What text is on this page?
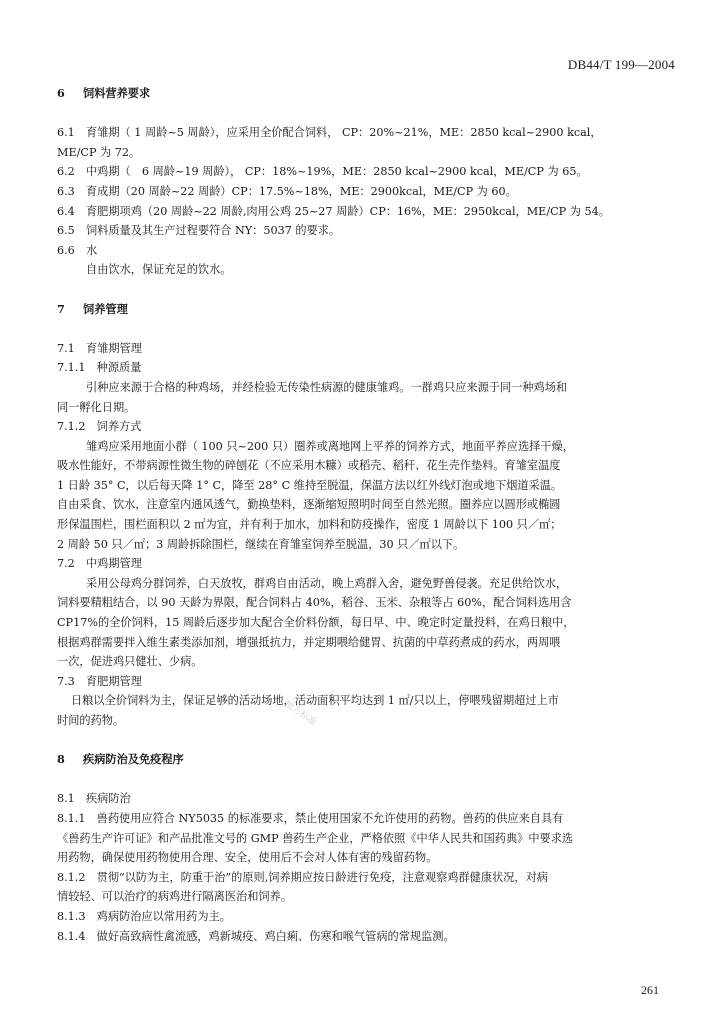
DB44/T 199—2004
6 饲料营养要求
6.1　育雏期（ 1 周龄~5 周龄），应采用全价配合饲料， CP：20%~21%，ME：2850 kcal~2900 kcal，
ME/CP 为 72。
6.2　中鸡期（　6 周龄~19 周龄）， CP：18%~19%，ME：2850 kcal~2900 kcal，ME/CP 为 65。
6.3　育成期（20 周龄~22 周龄）CP：17.5%~18%，ME：2900kcal，ME/CP 为 60。
6.4　育肥期项鸡（20 周龄~22 周龄,肉用公鸡 25~27 周龄）CP：16%，ME：2950kcal，ME/CP 为 54。
6.5　饲料质量及其生产过程要符合 NY：5037 的要求。
6.6　水
自由饮水，保证充足的饮水。
7 饲养管理
7.1　育雏期管理
7.1.1　种源质量
引种应来源于合格的种鸡场，并经检验无传染性病源的健康雏鸡。一群鸡只应来源于同一种鸡场和
同一孵化日期。
7.1.2　饲养方式
雏鸡应采用地面小群（ 100 只~200 只）圈养或离地网上平养的饲养方式，地面平养应选择干燥，
吸水性能好，不带病源性微生物的碎刨花（不应采用木糠）或稻壳、稻秆、花生壳作垫料。育雏室温度
1 日龄 35° C，以后每天降 1° C，降至 28° C 维持至脱温，保温方法以红外线灯泡或地下烟道采温。
自由采食、饮水，注意室内通风透气，勤换垫料，逐渐缩短照明时间至自然光照。圈养应以圆形或椭圆
形保温围栏，围栏面积以 2 ㎡为宜，并有利于加水，加料和防疫操作，密度 1 周龄以下 100 只／㎡；
2 周龄 50 只／㎡；3 周龄拆除围栏，继续在育雏室饲养至脱温，30 只／㎡以下。
7.2　中鸡期管理
采用公母鸡分群饲养，白天放牧，群鸡自由活动，晚上鸡群入舍，避免野兽侵袭。充足供给饮水，
饲料要精粗结合，以 90 天龄为界限，配合饲料占 40%，稻谷、玉米、杂粮等占 60%，配合饲料选用含
CP17%的全价饲料，15 周龄后逐步加大配合全价料份额，每日早、中、晚定时定量投料，在鸡日粮中，
根据鸡群需要拌入维生素类添加剂，增强抵抗力，并定期喂给健胃、抗菌的中草药煮成的药水，两周喂
一次，促进鸡只健壮、少病。
7.3　育肥期管理
日粮以全价饲料为主，保证足够的活动场地，活动面积平均达到 1 ㎡/只以上，停喂残留期超过上市
时间的药物。
8 疾病防治及免疫程序
8.1　疾病防治
8.1.1　兽药使用应符合 NY5035 的标准要求，禁止使用国家不允许使用的药物。兽药的供应来自具有
《兽药生产许可证》和产品批准文号的 GMP 兽药生产企业，严格依照《中华人民共和国药典》中要求选
用药物，确保使用药物使用合理、安全，使用后不会对人体有害的残留药物。
8.1.2　贯彻“以防为主，防重于治”的原则,饲养期应按日龄进行免疫，注意观察鸡群健康状况，对病
情较轻、可以治疗的病鸡进行隔离医治和饲养。
8.1.3　鸡病防治应以常用药为主。
8.1.4　做好高致病性禽流感，鸡新城疫、鸡白痢、伤寒和喉气管病的常规监测。
地方标准
261
